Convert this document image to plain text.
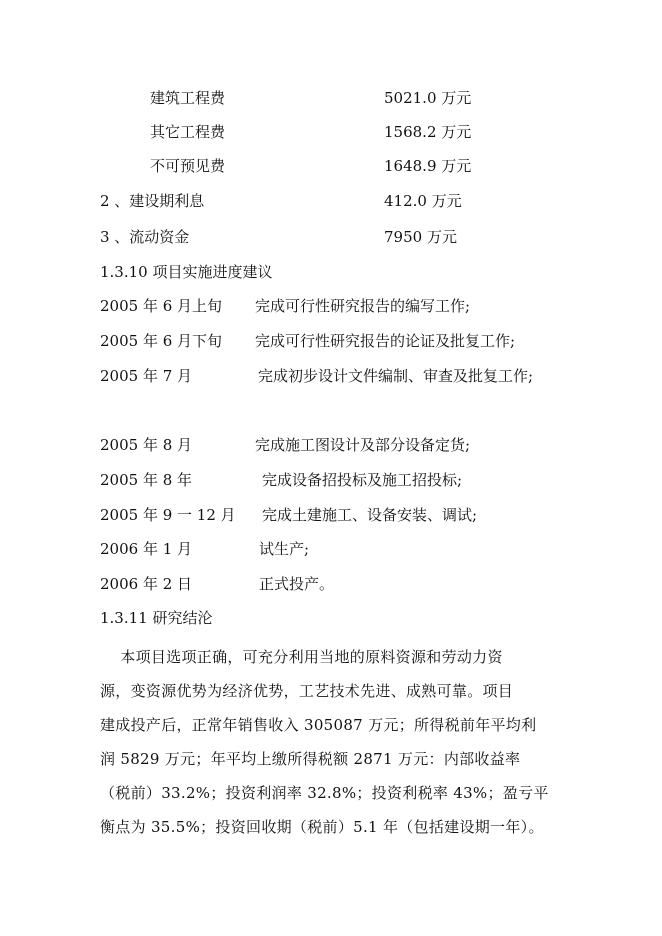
建筑工程费	5021.0 万元
其它工程费	1568.2 万元
不可预见费	1648.9 万元
2 、建设期利息	412.0 万元
3 、流动资金	7950 万元
1.3.10 项目实施进度建议
2005 年 6 月上旬 完成可行性研究报告的编写工作;
2005 年 6 月下旬 完成可行性研究报告的论证及批复工作;
2005 年 7 月	完成初步设计文件编制、审查及批复工作;
2005 年 8 月	完成施工图设计及部分设备定货;
2005 年 8 年	完成设备招投标及施工招投标;
2005 年 9 一 12 月 完成土建施工、设备安装、调试;
2006 年 1 月	试生产;
2006 年 2 日	正式投产。
1.3.11 研究结沦

本项目选项正确，可充分利用当地的原料资源和劳动力资

源，变资源优势为经济优势，工艺技术先进、成熟可靠。项目

建成投产后，正常年销售收入 305087 万元；所得税前年平均利

润 5829 万元；年平均上缴所得税额 2871 万元：内部收益率

（税前）33.2%；投资利润率 32.8%；投资利税率 43%；盈亏平

衡点为 35.5%；投资回收期（税前）5.1 年（包括建设期一年）。
